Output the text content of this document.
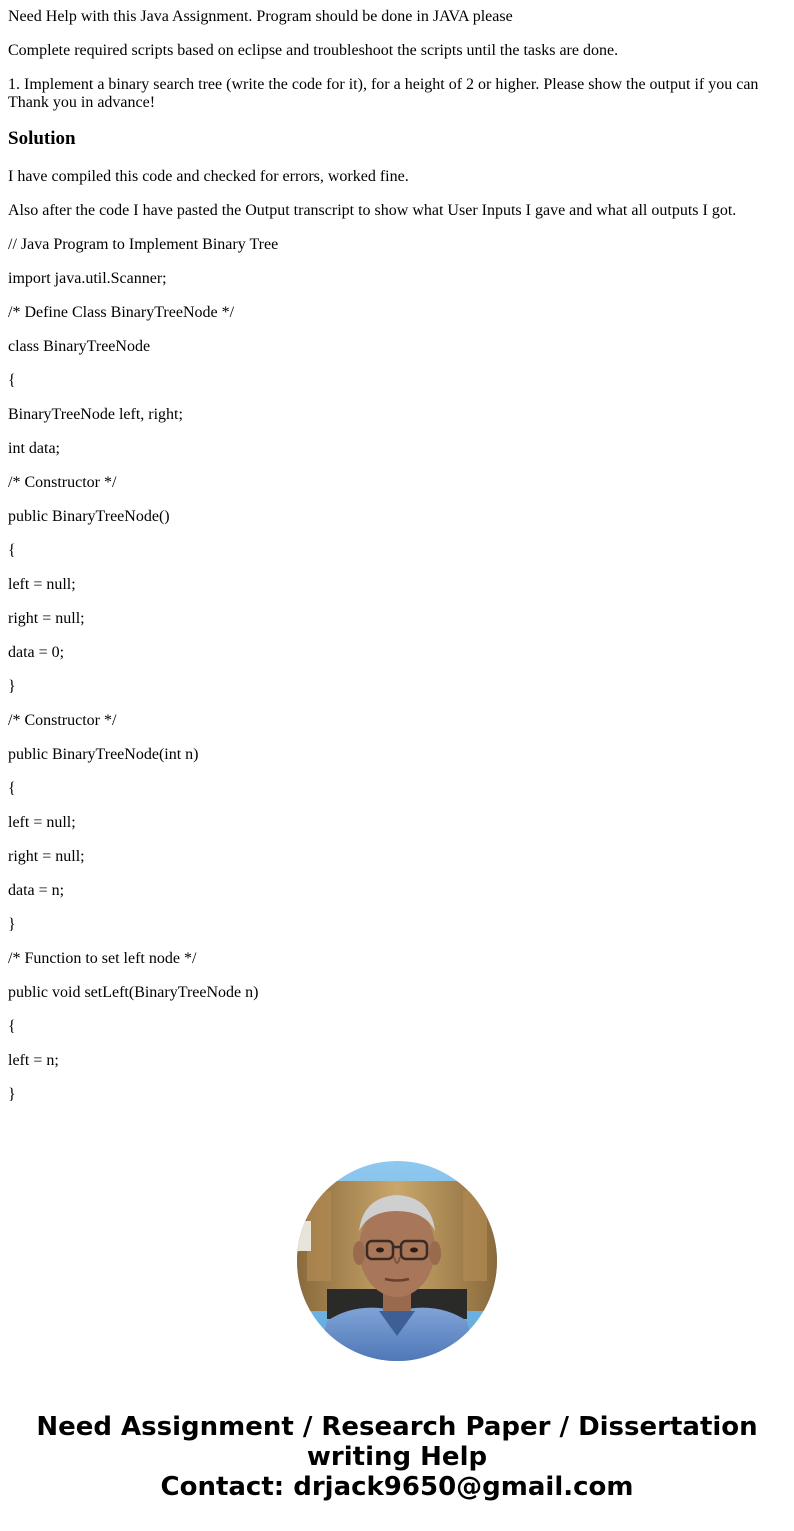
Need Help with this Java Assignment. Program should be done in JAVA please

Complete required scripts based on eclipse and troubleshoot the scripts until the tasks are done.

1. Implement a binary search tree (write the code for it), for a height of 2 or higher. Please show the output if you can
Thank you in advance!

Solution

I have compiled this code and checked for errors, worked fine.

Also after the code I have pasted the Output transcript to show what User Inputs I gave and what all outputs I got.

// Java Program to Implement Binary Tree

import java.util.Scanner;

/* Define Class BinaryTreeNode */

class BinaryTreeNode

{

BinaryTreeNode left, right;

int data;

/* Constructor */

public BinaryTreeNode()

{

left = null;

right = null;

data = 0;

}

/* Constructor */

public BinaryTreeNode(int n)

{

left = null;

right = null;

data = n;

}

/* Function to set left node */

public void setLeft(BinaryTreeNode n)

{

left = n;

}

Need Assignment / Research Paper / Dissertation
writing Help
Contact: drjack9650@gmail.com
